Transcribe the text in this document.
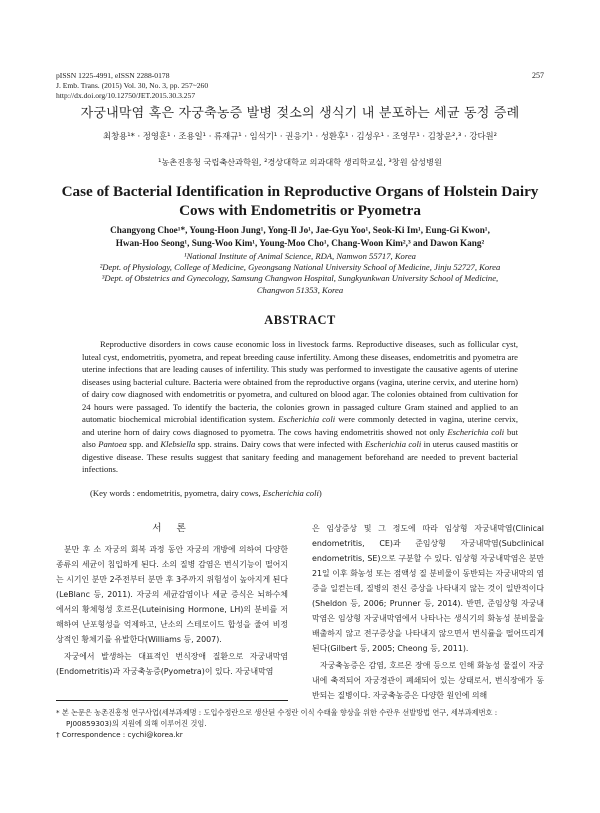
pISSN 1225-4991, eISSN 2288-0178
J. Emb. Trans. (2015) Vol. 30, No. 3, pp. 257~260
http://dx.doi.org/10.12750/JET.2015.30.3.257
257
자궁내막염 혹은 자궁축농증 발병 젖소의 생식기 내 분포하는 세균 동정 증례
최창용¹* · 정영훈¹ · 조용일¹ · 류재규¹ · 임석기¹ · 권응기¹ · 성환후¹ · 김성우¹ · 조영무¹ · 김창운²,³ · 강다원²
¹농촌진흥청 국립축산과학원, ²경상대학교 의과대학 생리학교실, ³창원 삼성병원
Case of Bacterial Identification in Reproductive Organs of Holstein Dairy
Cows with Endometritis or Pyometra
Changyong Choe¹*, Young-Hoon Jung¹, Yong-Il Jo¹, Jae-Gyu Yoo¹, Seok-Ki Im¹, Eung-Gi Kwon¹,
Hwan-Hoo Seong¹, Sung-Woo Kim¹, Young-Moo Cho¹, Chang-Woon Kim²,³ and Dawon Kang²
¹National Institute of Animal Science, RDA, Namwon 55717, Korea
²Dept. of Physiology, College of Medicine, Gyeongsang National University School of Medicine, Jinju 52727, Korea
³Dept. of Obstetrics and Gynecology, Samsung Changwon Hospital, Sungkyunkwan University School of Medicine,
Changwon 51353, Korea
ABSTRACT

Reproductive disorders in cows cause economic loss in livestock farms. Reproductive diseases, such as follicular cyst, luteal cyst, endometritis, pyometra, and repeat breeding cause infertility. Among these diseases, endometritis and pyometra are uterine infections that are leading causes of infertility. This study was performed to investigate the causative agents of uterine diseases using bacterial culture. Bacteria were obtained from the reproductive organs (vagina, uterine cervix, and uterine horn) of dairy cow diagnosed with endometritis or pyometra, and cultured on blood agar. The colonies obtained from cultivation for 24 hours were passaged. To identify the bacteria, the colonies grown in passaged culture Gram stained and applied to an automatic biochemical microbial identification system. Escherichia coli were commonly detected in vagina, uterine cervix, and uterine horn of dairy cows diagnosed to pyometra. The cows having endometritis showed not only Escherichia coli but also Pantoea spp. and Klebsiella spp. strains. Dairy cows that were infected with Escherichia coli in uterus caused mastitis or digestive disease. These results suggest that sanitary feeding and management beforehand are needed to prevent bacterial infections.

(Key words : endometritis, pyometra, dairy cows, Escherichia coli)
서 론

분만 후 소 자궁의 회복 과정 동안 자궁의 개방에 의하여 다양한 종류의 세균이 침입하게 된다. 소의 질병 감염은 번식기능이 떨어지는 시기인 분만 2주전부터 분만 후 3주까지 위험성이 높아지게 된다(LeBlanc 등, 2011). 자궁의 세균감염이나 세균 증식은 뇌하수체에서의 황체형성 호르몬(Luteinising Hormone, LH)의 분비를 저해하여 난포형성을 억제하고, 난소의 스테로이드 합성을 줄여 비정상적인 황체기를 유발한다(Williams 등, 2007).

자궁에서 발생하는 대표적인 번식장애 질환으로 자궁내막염(Endometritis)과 자궁축농증(Pyometra)이 있다. 자궁내막염

은 임상증상 및 그 정도에 따라 임상형 자궁내막염(Clinical endometritis, CE)과 준임상형 자궁내막염(Subclinical endometritis, SE)으로 구분할 수 있다. 임상형 자궁내막염은 분만 21일 이후 화농성 또는 점액성 질 분비물이 동반되는 자궁내막의 염증을 일컫는데, 질병의 전신 증상을 나타내지 않는 것이 일반적이다(Sheldon 등, 2006; Prunner 등, 2014). 반면, 준임상형 자궁내막염은 임상형 자궁내막염에서 나타나는 생식기의 화농성 분비물을 배출하지 않고 전구증상을 나타내지 않으면서 번식률을 떨어뜨리게 된다(Gilbert 등, 2005; Cheong 등, 2011).

자궁축농증은 감염, 호르몬 장애 등으로 인해 화농성 물질이 자궁 내에 축적되어 자궁경관이 폐쇄되어 있는 상태로서, 번식장애가 동반되는 질병이다. 자궁축농증은 다양한 원인에 의해

* 본 논문은 농촌진흥청 연구사업(세부과제명 : 도입수정란으로 생산된 수정란 이식 수태율 향상을 위한 수란우 선발방법 연구, 세부과제번호 : PJ00859303)의 지원에 의해 이루어진 것임.

† Correspondence : cychi@korea.kr
